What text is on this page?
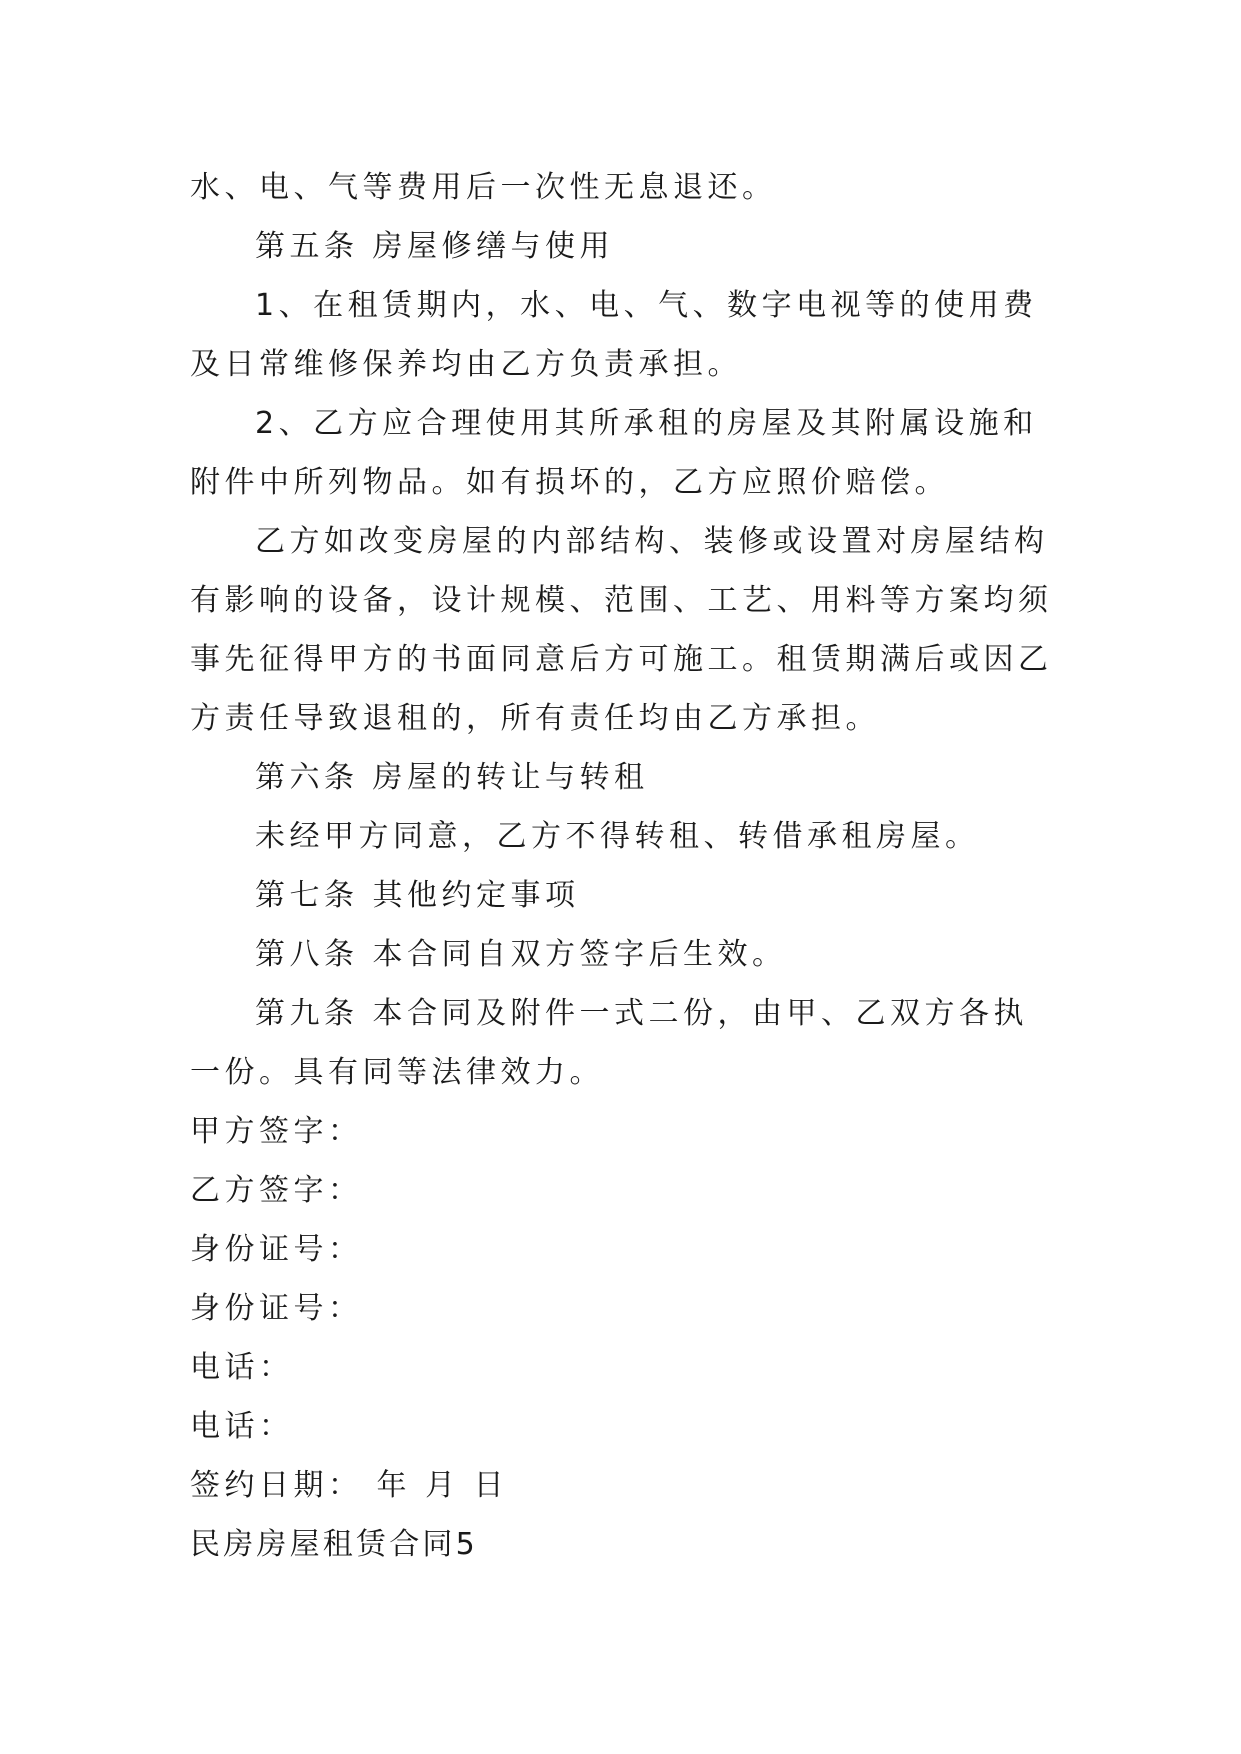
水、电、气等费用后一次性无息退还。

第五条 房屋修缮与使用

1、在租赁期内，水、电、气、数字电视等的使用费及日常维修保养均由乙方负责承担。

2、乙方应合理使用其所承租的房屋及其附属设施和附件中所列物品。如有损坏的，乙方应照价赔偿。

乙方如改变房屋的内部结构、装修或设置对房屋结构有影响的设备，设计规模、范围、工艺、用料等方案均须事先征得甲方的书面同意后方可施工。租赁期满后或因乙方责任导致退租的，所有责任均由乙方承担。

第六条 房屋的转让与转租

未经甲方同意，乙方不得转租、转借承租房屋。

第七条 其他约定事项

第八条 本合同自双方签字后生效。

第九条 本合同及附件一式二份，由甲、乙双方各执一份。具有同等法律效力。

甲方签字：

乙方签字：

身份证号：

身份证号：

电话：

电话：

签约日期： 年 月 日

民房房屋租赁合同5
